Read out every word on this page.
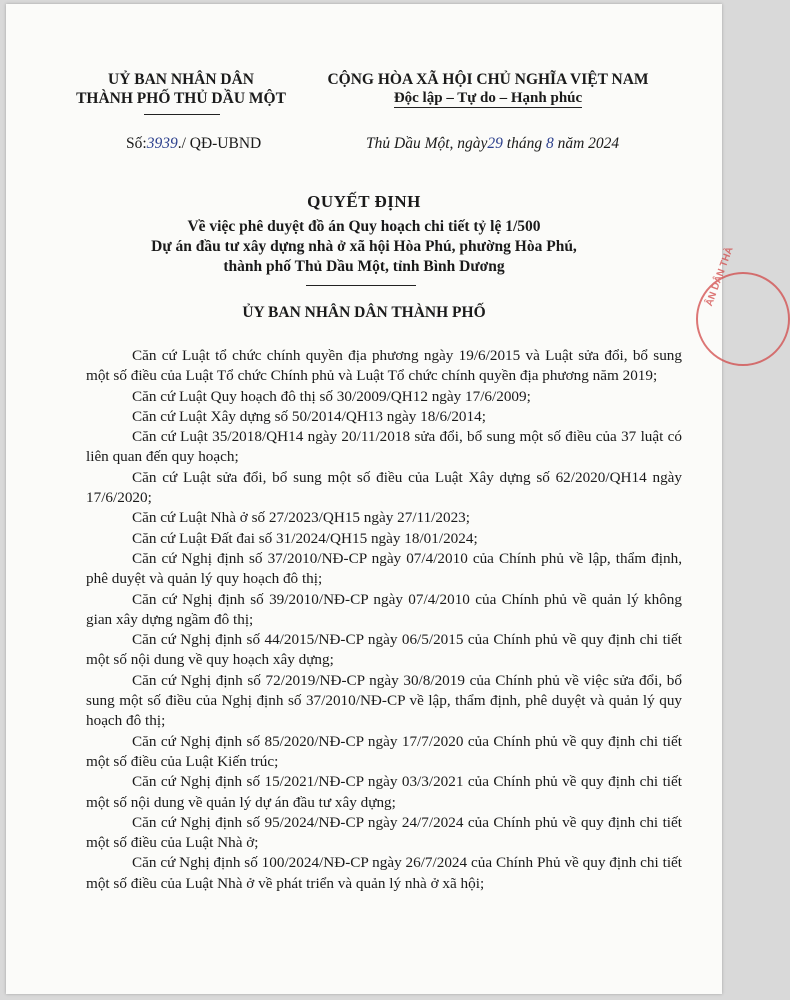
UỶ BAN NHÂN DÂN
THÀNH PHỐ THỦ DẦU MỘT
CỘNG HÒA XÃ HỘI CHỦ NGHĨA VIỆT NAM
Độc lập – Tự do – Hạnh phúc
Số:3939./ QĐ-UBND	Thủ Dầu Một, ngày29 tháng 8 năm 2024
QUYẾT ĐỊNH
Về việc phê duyệt đồ án Quy hoạch chi tiết tỷ lệ 1/500
Dự án đầu tư xây dựng nhà ở xã hội Hòa Phú, phường Hòa Phú,
thành phố Thủ Dầu Một, tỉnh Bình Dương
ỦY BAN NHÂN DÂN THÀNH PHỐ

Căn cứ Luật tổ chức chính quyền địa phương ngày 19/6/2015 và Luật sửa đổi, bổ sung một số điều của Luật Tổ chức Chính phủ và Luật Tổ chức chính quyền địa phương năm 2019;

Căn cứ Luật Quy hoạch đô thị số 30/2009/QH12 ngày 17/6/2009;

Căn cứ Luật Xây dựng số 50/2014/QH13 ngày 18/6/2014;

Căn cứ Luật 35/2018/QH14 ngày 20/11/2018 sửa đổi, bổ sung một số điều của 37 luật có liên quan đến quy hoạch;

Căn cứ Luật sửa đổi, bổ sung một số điều của Luật Xây dựng số 62/2020/QH14 ngày 17/6/2020;

Căn cứ Luật Nhà ở số 27/2023/QH15 ngày 27/11/2023;

Căn cứ Luật Đất đai số 31/2024/QH15 ngày 18/01/2024;

Căn cứ Nghị định số 37/2010/NĐ-CP ngày 07/4/2010 của Chính phủ về lập, thẩm định, phê duyệt và quản lý quy hoạch đô thị;

Căn cứ Nghị định số 39/2010/NĐ-CP ngày 07/4/2010 của Chính phủ về quản lý không gian xây dựng ngầm đô thị;

Căn cứ Nghị định số 44/2015/NĐ-CP ngày 06/5/2015 của Chính phủ về quy định chi tiết một số nội dung về quy hoạch xây dựng;

Căn cứ Nghị định số 72/2019/NĐ-CP ngày 30/8/2019 của Chính phủ về việc sửa đổi, bổ sung một số điều của Nghị định số 37/2010/NĐ-CP về lập, thẩm định, phê duyệt và quản lý quy hoạch đô thị;

Căn cứ Nghị định số 85/2020/NĐ-CP ngày 17/7/2020 của Chính phủ về quy định chi tiết một số điều của Luật Kiến trúc;

Căn cứ Nghị định số 15/2021/NĐ-CP ngày 03/3/2021 của Chính phủ về quy định chi tiết một số nội dung về quản lý dự án đầu tư xây dựng;

Căn cứ Nghị định số 95/2024/NĐ-CP ngày 24/7/2024 của Chính phủ về quy định chi tiết một số điều của Luật Nhà ở;

Căn cứ Nghị định số 100/2024/NĐ-CP ngày 26/7/2024 của Chính Phủ về quy định chi tiết một số điều của Luật Nhà ở về phát triển và quản lý nhà ở xã hội;

ÂN DÂN THÀ
